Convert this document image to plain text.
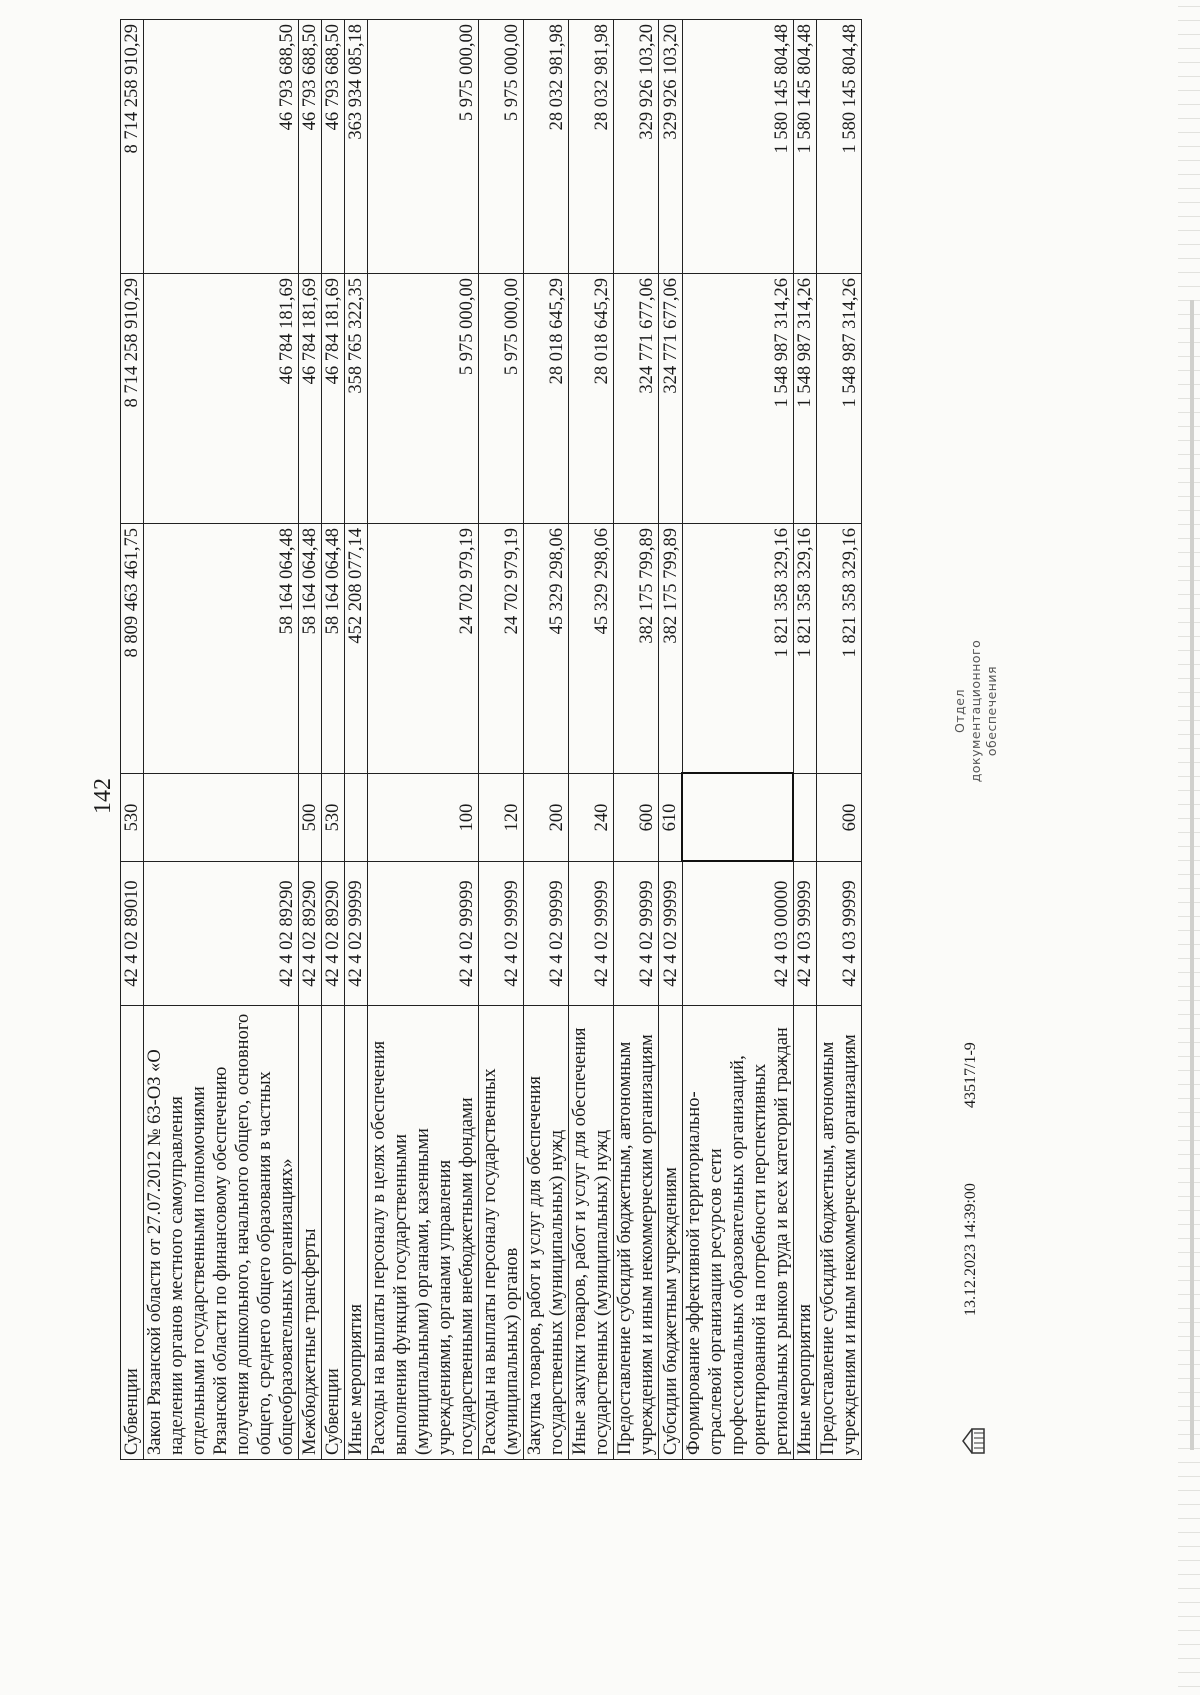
142
Субвенции	42 4 02 89010	530	8 809 463 461,75	8 714 258 910,29	8 714 258 910,29
Закон Рязанской области от 27.07.2012 № 63-ОЗ «О наделении органов местного самоуправления отдельными государственными полномочиями Рязанской области по финансовому обеспечению получения дошкольного, начального общего, основного общего, среднего общего образования в частных общеобразовательных организациях»	42 4 02 89290		58 164 064,48	46 784 181,69	46 793 688,50
Межбюджетные трансферты	42 4 02 89290	500	58 164 064,48	46 784 181,69	46 793 688,50
Субвенции	42 4 02 89290	530	58 164 064,48	46 784 181,69	46 793 688,50
Иные мероприятия	42 4 02 99999		452 208 077,14	358 765 322,35	363 934 085,18
Расходы на выплаты персоналу в целях обеспечения выполнения функций государственными (муниципальными) органами, казенными учреждениями, органами управления государственными внебюджетными фондами	42 4 02 99999	100	24 702 979,19	5 975 000,00	5 975 000,00
Расходы на выплаты персоналу государственных (муниципальных) органов	42 4 02 99999	120	24 702 979,19	5 975 000,00	5 975 000,00
Закупка товаров, работ и услуг для обеспечения государственных (муниципальных) нужд	42 4 02 99999	200	45 329 298,06	28 018 645,29	28 032 981,98
Иные закупки товаров, работ и услуг для обеспечения государственных (муниципальных) нужд	42 4 02 99999	240	45 329 298,06	28 018 645,29	28 032 981,98
Предоставление субсидий бюджетным, автономным учреждениям и иным некоммерческим организациям	42 4 02 99999	600	382 175 799,89	324 771 677,06	329 926 103,20
Субсидии бюджетным учреждениям	42 4 02 99999	610	382 175 799,89	324 771 677,06	329 926 103,20
Формирование эффективной территориально-отраслевой организации ресурсов сети профессиональных образовательных организаций, ориентированной на потребности перспективных региональных рынков труда и всех категорий граждан	42 4 03 00000		1 821 358 329,16	1 548 987 314,26	1 580 145 804,48
Иные мероприятия	42 4 03 99999		1 821 358 329,16	1 548 987 314,26	1 580 145 804,48
Предоставление субсидий бюджетным, автономным учреждениям и иным некоммерческим организациям	42 4 03 99999	600	1 821 358 329,16	1 548 987 314,26	1 580 145 804,48
13.12.2023 14:39:00
43517/1-9
Отдел документационного обеспечения
